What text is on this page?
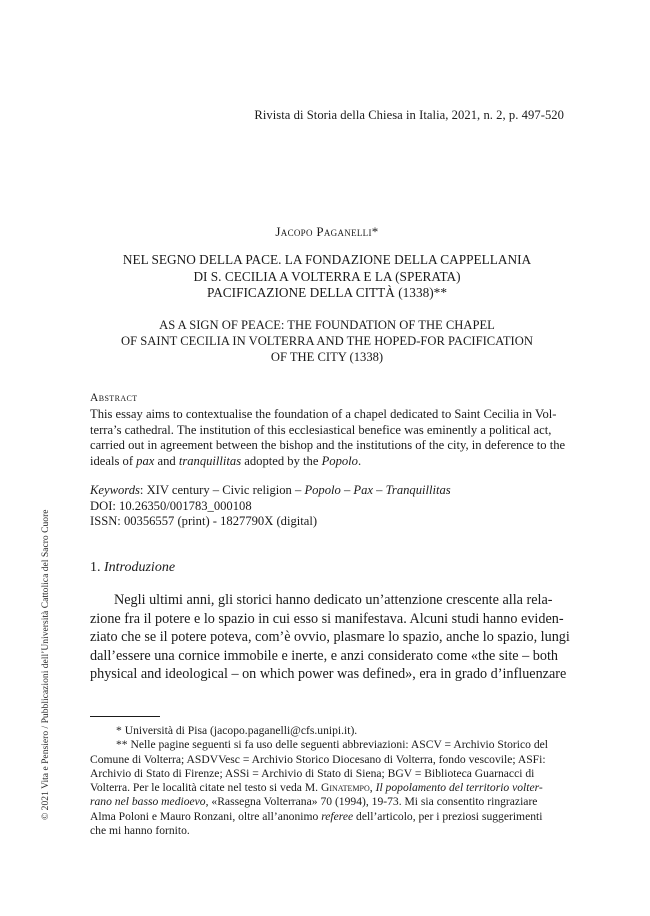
Rivista di Storia della Chiesa in Italia, 2021, n. 2, p. 497-520
Jacopo Paganelli*
NEL SEGNO DELLA PACE. LA FONDAZIONE DELLA CAPPELLANIA
DI S. CECILIA A VOLTERRA E LA (SPERATA)
PACIFICAZIONE DELLA CITTÀ (1338)**
AS A SIGN OF PEACE: THE FOUNDATION OF THE CHAPEL
OF SAINT CECILIA IN VOLTERRA AND THE HOPED-FOR PACIFICATION
OF THE CITY (1338)
Abstract
This essay aims to contextualise the foundation of a chapel dedicated to Saint Cecilia in Vol-
terra’s cathedral. The institution of this ecclesiastical benefice was eminently a political act,
carried out in agreement between the bishop and the institutions of the city, in deference to the
ideals of pax and tranquillitas adopted by the Popolo.
Keywords: XIV century – Civic religion – Popolo – Pax – Tranquillitas
DOI: 10.26350/001783_000108
ISSN: 00356557 (print) - 1827790X (digital)
1. Introduzione
Negli ultimi anni, gli storici hanno dedicato un’attenzione crescente alla rela-
zione fra il potere e lo spazio in cui esso si manifestava. Alcuni studi hanno eviden-
ziato che se il potere poteva, com’è ovvio, plasmare lo spazio, anche lo spazio, lungi
dall’essere una cornice immobile e inerte, e anzi considerato come «the site – both
physical and ideological – on which power was defined», era in grado d’influenzare
* Università di Pisa (jacopo.paganelli@cfs.unipi.it).
** Nelle pagine seguenti si fa uso delle seguenti abbreviazioni: ASCV = Archivio Storico del
Comune di Volterra; ASDVVesc = Archivio Storico Diocesano di Volterra, fondo vescovile; ASFi:
Archivio di Stato di Firenze; ASSi = Archivio di Stato di Siena; BGV = Biblioteca Guarnacci di
Volterra. Per le località citate nel testo si veda M. Ginatempo, Il popolamento del territorio volter-
rano nel basso medioevo, «Rassegna Volterrana» 70 (1994), 19-73. Mi sia consentito ringraziare
Alma Poloni e Mauro Ronzani, oltre all’anonimo referee dell’articolo, per i preziosi suggerimenti
che mi hanno fornito.
© 2021 Vita e Pensiero / Pubblicazioni dell’Università Cattolica del Sacro Cuore
